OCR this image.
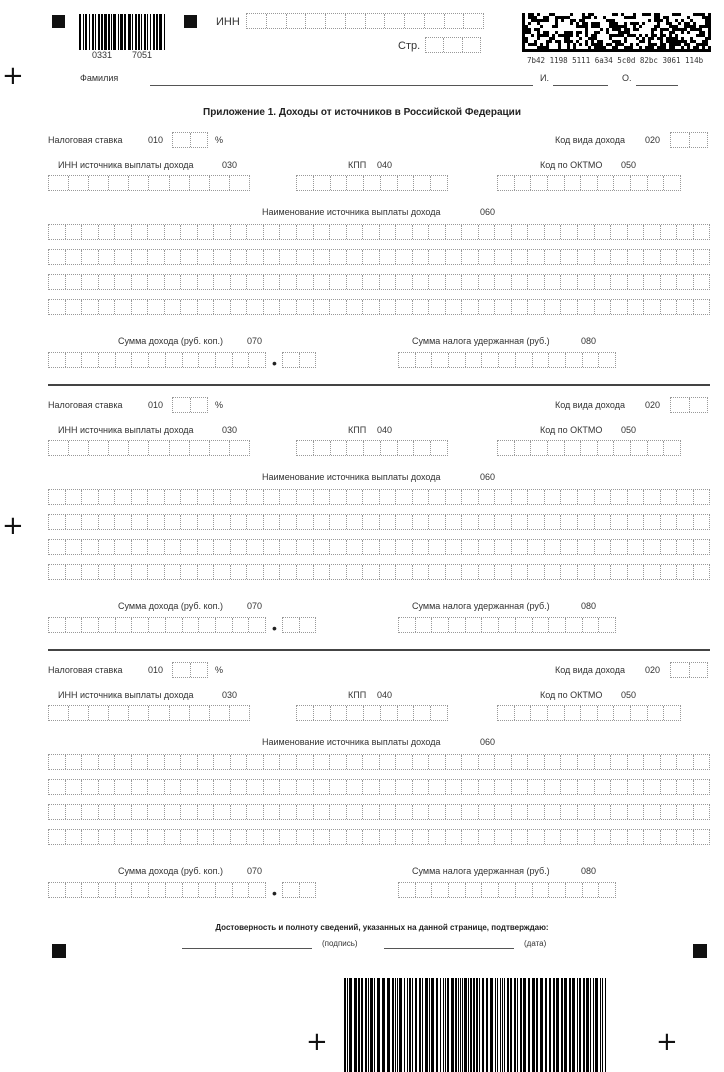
0331 7051
ИНН
Стр.
7b42 1198 5111 6a34 5c0d 82bc 3061 114b
+	Фамилия	И.	О.
Приложение 1. Доходы от источников в Российской Федерации
Налоговая ставка	010	%	Код вида дохода 020
ИНН источника выплаты дохода	030	КПП 040	Код по ОКТМО 050
Наименование источника выплаты дохода	060
Сумма дохода (руб. коп.)	070
•
Сумма налога удержанная (руб.)	080
Налоговая ставка	010	%	Код вида дохода 020
ИНН источника выплаты дохода	030	КПП 040	Код по ОКТМО 050
Наименование источника выплаты дохода	060
Сумма дохода (руб. коп.)	070
•
Сумма налога удержанная (руб.)	080
Налоговая ставка	010	%	Код вида дохода 020
ИНН источника выплаты дохода	030	КПП 040	Код по ОКТМО 050
Наименование источника выплаты дохода	060
Сумма дохода (руб. коп.)	070
•
Сумма налога удержанная (руб.)	080
Достоверность и полноту сведений, указанных на данной странице, подтверждаю:
(подпись)	(дата)
+
+	+
